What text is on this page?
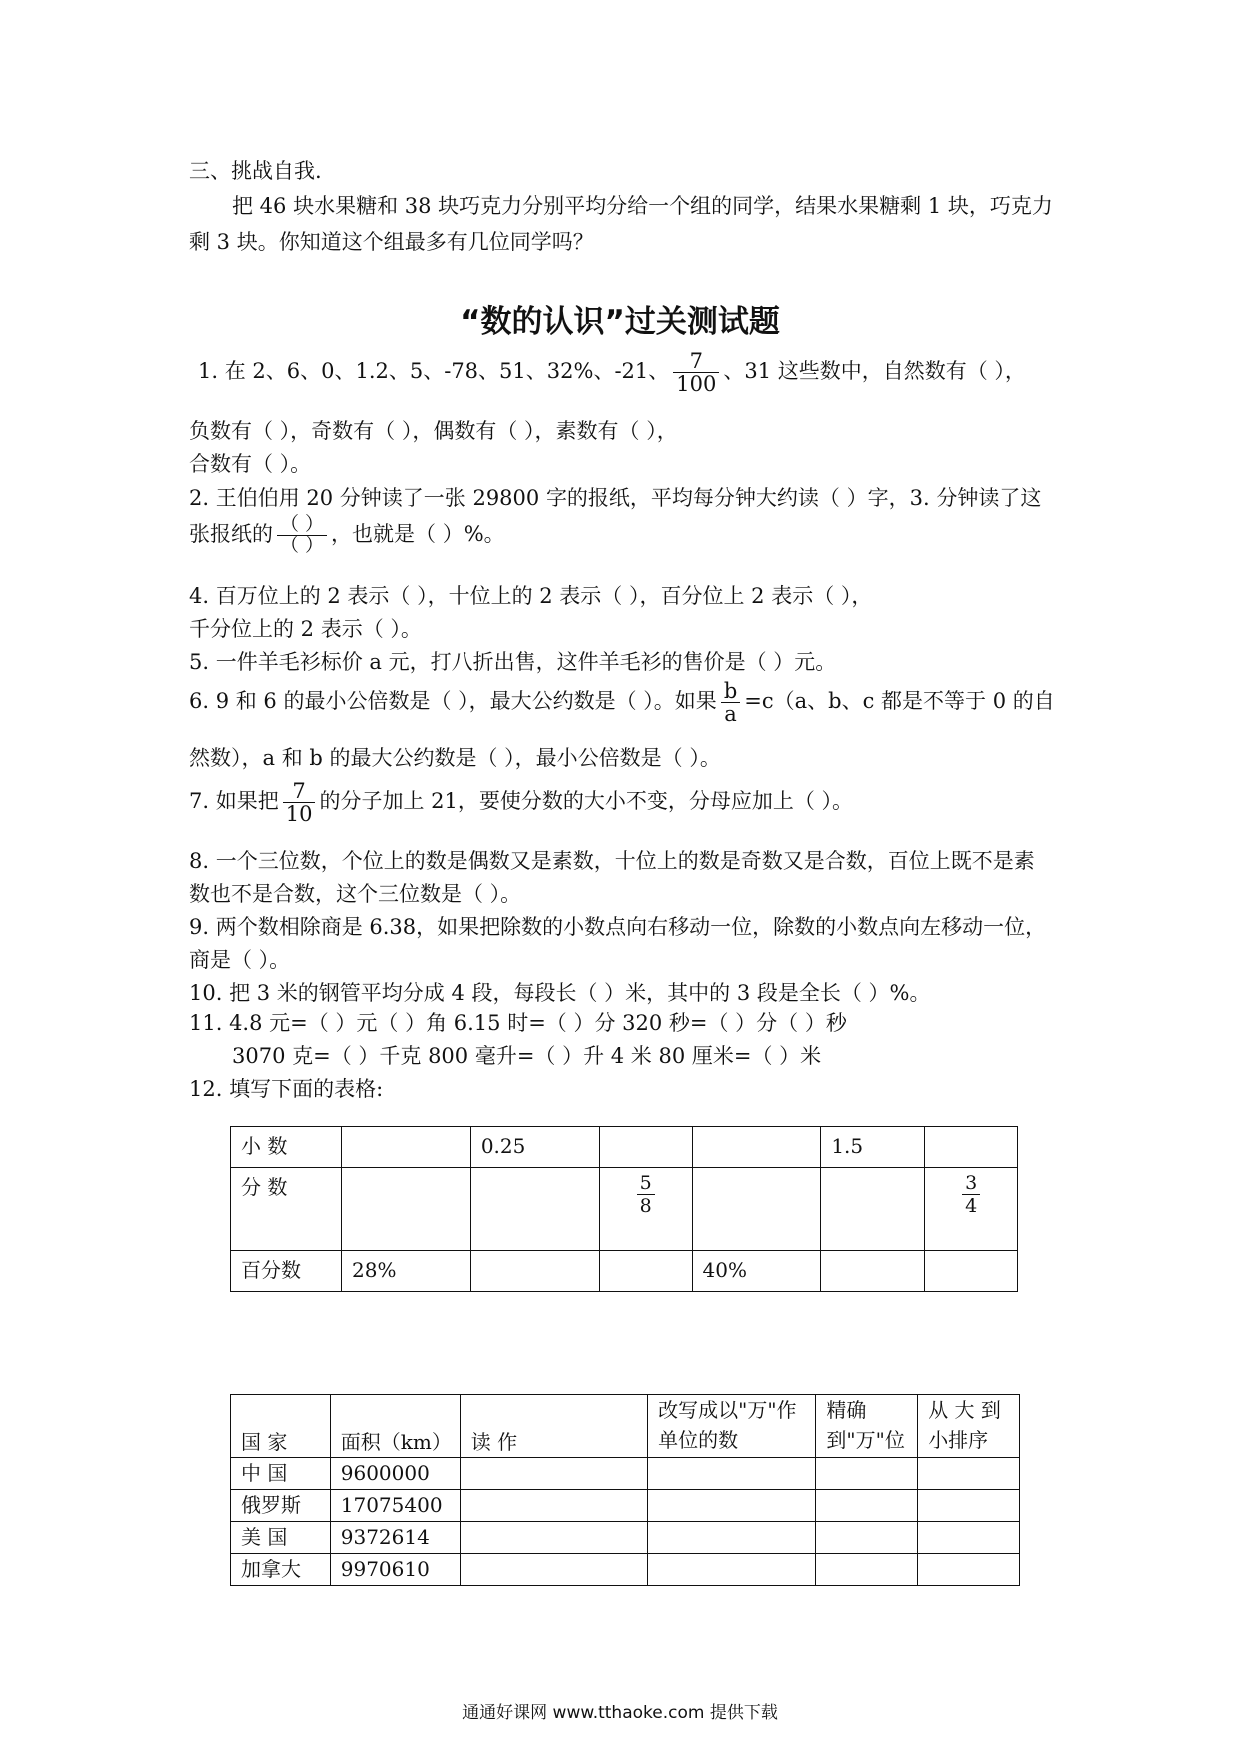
三、挑战自我.
把 46 块水果糖和 38 块巧克力分别平均分给一个组的同学，结果水果糖剩 1 块，巧克力
剩 3 块。你知道这个组最多有几位同学吗？
“数的认识”过关测试题
1. 在 2、6、0、1.2、5、-78、51、32%、-21、 $\frac{7}{100}$ 、31 这些数中，自然数有（ ），
负数有（ ），奇数有（ ），偶数有（ ），素数有（ ），
合数有（ ）。
2. 王伯伯用 20 分钟读了一张 29800 字的报纸，平均每分钟大约读（ ）字，3. 分钟读了这
张报纸的 $\frac{( )}{( )}$ ，也就是（ ）%。
4. 百万位上的 2 表示（ ），十位上的 2 表示（ ），百分位上 2 表示（ ），
千分位上的 2 表示（ ）。
5. 一件羊毛衫标价 a 元，打八折出售，这件羊毛衫的售价是（ ）元。
6. 9 和 6 的最小公倍数是（ ），最大公约数是（ ）。如果 $\frac{b}{a} =c(a$、b、c 都是不等于 0 的自
然数），a 和 b 的最大公约数是（ ），最小公倍数是（ ）。
7. 如果把 $\frac{7}{10}$ 的分子加上 21，要使分数的大小不变，分母应加上（ ）。
8. 一个三位数，个位上的数是偶数又是素数，十位上的数是奇数又是合数，百位上既不是素
数也不是合数，这个三位数是（ ）。
9. 两个数相除商是 6.38，如果把除数的小数点向右移动一位，除数的小数点向左移动一位，
商是（ ）。
10. 把 3 米的钢管平均分成 4 段，每段长（ ）米，其中的 3 段是全长（ ）%。
11. 4.8 元=（ ）元（ ）角 6.15 时=（ ）分 320 秒=（ ）分（ ）秒
3070 克=（ ）千克 800 毫升=（ ）升 4 米 80 厘米=（ ）米
12. 填写下面的表格:
小 数		0.25			1.5	
分 数			$\frac{5}{8}$			$\frac{3}{4}$

百分数	28%			40%		
国 家	面积（km）	读 作	改写成以"万"作单位的数	精确到"万"位	从 大 到 小排序
中 国	9600000				
俄罗斯	17075400				
美 国	9372614				
加拿大	9970610				
通通好课网 www.tthaoke.com 提供下载
